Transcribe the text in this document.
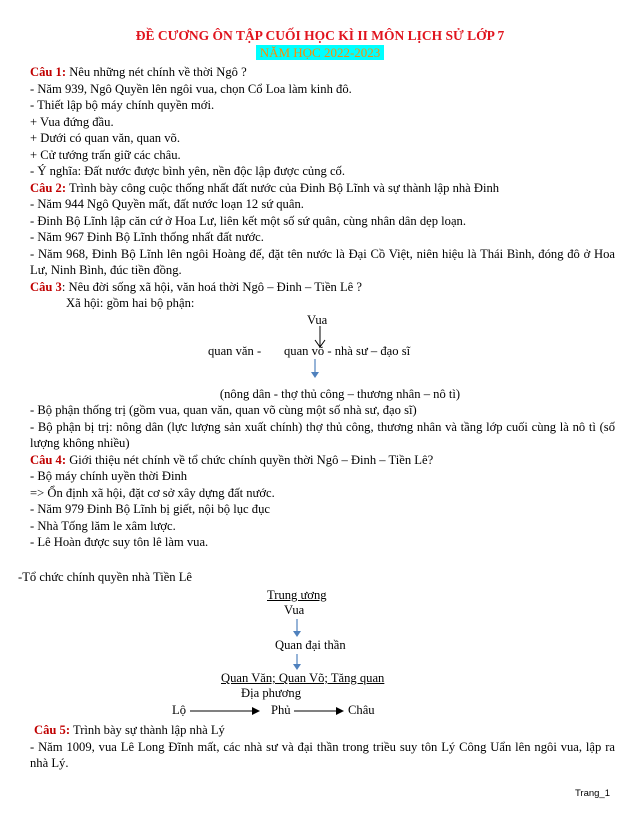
ĐỀ CƯƠNG ÔN TẬP CUỐI HỌC KÌ II MÔN LỊCH SỬ LỚP 7
NĂM HỌC 2022-2023
Câu 1: Nêu những nét chính về thời Ngô ?
- Năm 939, Ngô Quyền lên ngôi vua, chọn Cổ Loa làm kinh đô.
- Thiết lập bộ máy chính quyền mới.
+ Vua đứng đầu.
+ Dưới có quan văn, quan võ.
+ Cử tướng trấn giữ các châu.
- Ý nghĩa: Đất nước được bình yên, nền độc lập được củng cố.
Câu 2: Trình bày công cuộc thống nhất đất nước của Đinh Bộ Lĩnh và sự thành lập nhà Đinh
- Năm 944 Ngô Quyền mất, đất nước loạn 12 sứ quân.
- Đinh Bộ Lĩnh lập căn cứ ở Hoa Lư, liên kết một số sứ quân, cùng nhân dân dẹp loạn.
- Năm 967 Đinh Bộ Lĩnh thống nhất đất nước.
- Năm 968, Đinh Bộ Lĩnh lên ngôi Hoàng đế, đặt tên nước là Đại Cồ Việt, niên hiệu là Thái Bình, đóng đô ở Hoa Lư, Ninh Bình, đúc tiền đồng.
Câu 3: Nêu đời sống xã hội, văn hoá thời Ngô – Đinh – Tiền Lê ?
Xã hội: gồm hai bộ phận:
Vua
quan văn - quan võ - nhà sư – đạo sĩ
(nông dân - thợ thủ công – thương nhân – nô tì)
- Bộ phận thống trị (gồm vua, quan văn, quan võ cùng một số nhà sư, đạo sĩ)
- Bộ phận bị trị: nông dân (lực lượng sản xuất chính) thợ thủ công, thương nhân và tầng lớp cuối cùng là nô tì (số lượng không nhiều)
Câu 4: Giới thiệu nét chính về tổ chức chính quyền thời Ngô – Đinh – Tiền Lê?
- Bộ máy chính uyền thời Đinh
=> Ổn định xã hội, đặt cơ sở xây dựng đất nước.
- Năm 979 Đinh Bộ Lĩnh bị giết, nội bộ lục đục
- Nhà Tống lăm le xâm lược.
- Lê Hoàn được suy tôn lê làm vua.
-Tổ chức chính quyền nhà Tiền Lê
Trung ương
Vua
Quan đại thần
Quan Văn; Quan Võ; Tăng quan
Địa phương
Lộ	Phủ	Châu
Câu 5: Trình bày sự thành lập nhà Lý
- Năm 1009, vua Lê Long Đĩnh mất, các nhà sư và đại thần trong triều suy tôn Lý Công Uẩn lên ngôi vua, lập ra nhà Lý.
Trang_1
